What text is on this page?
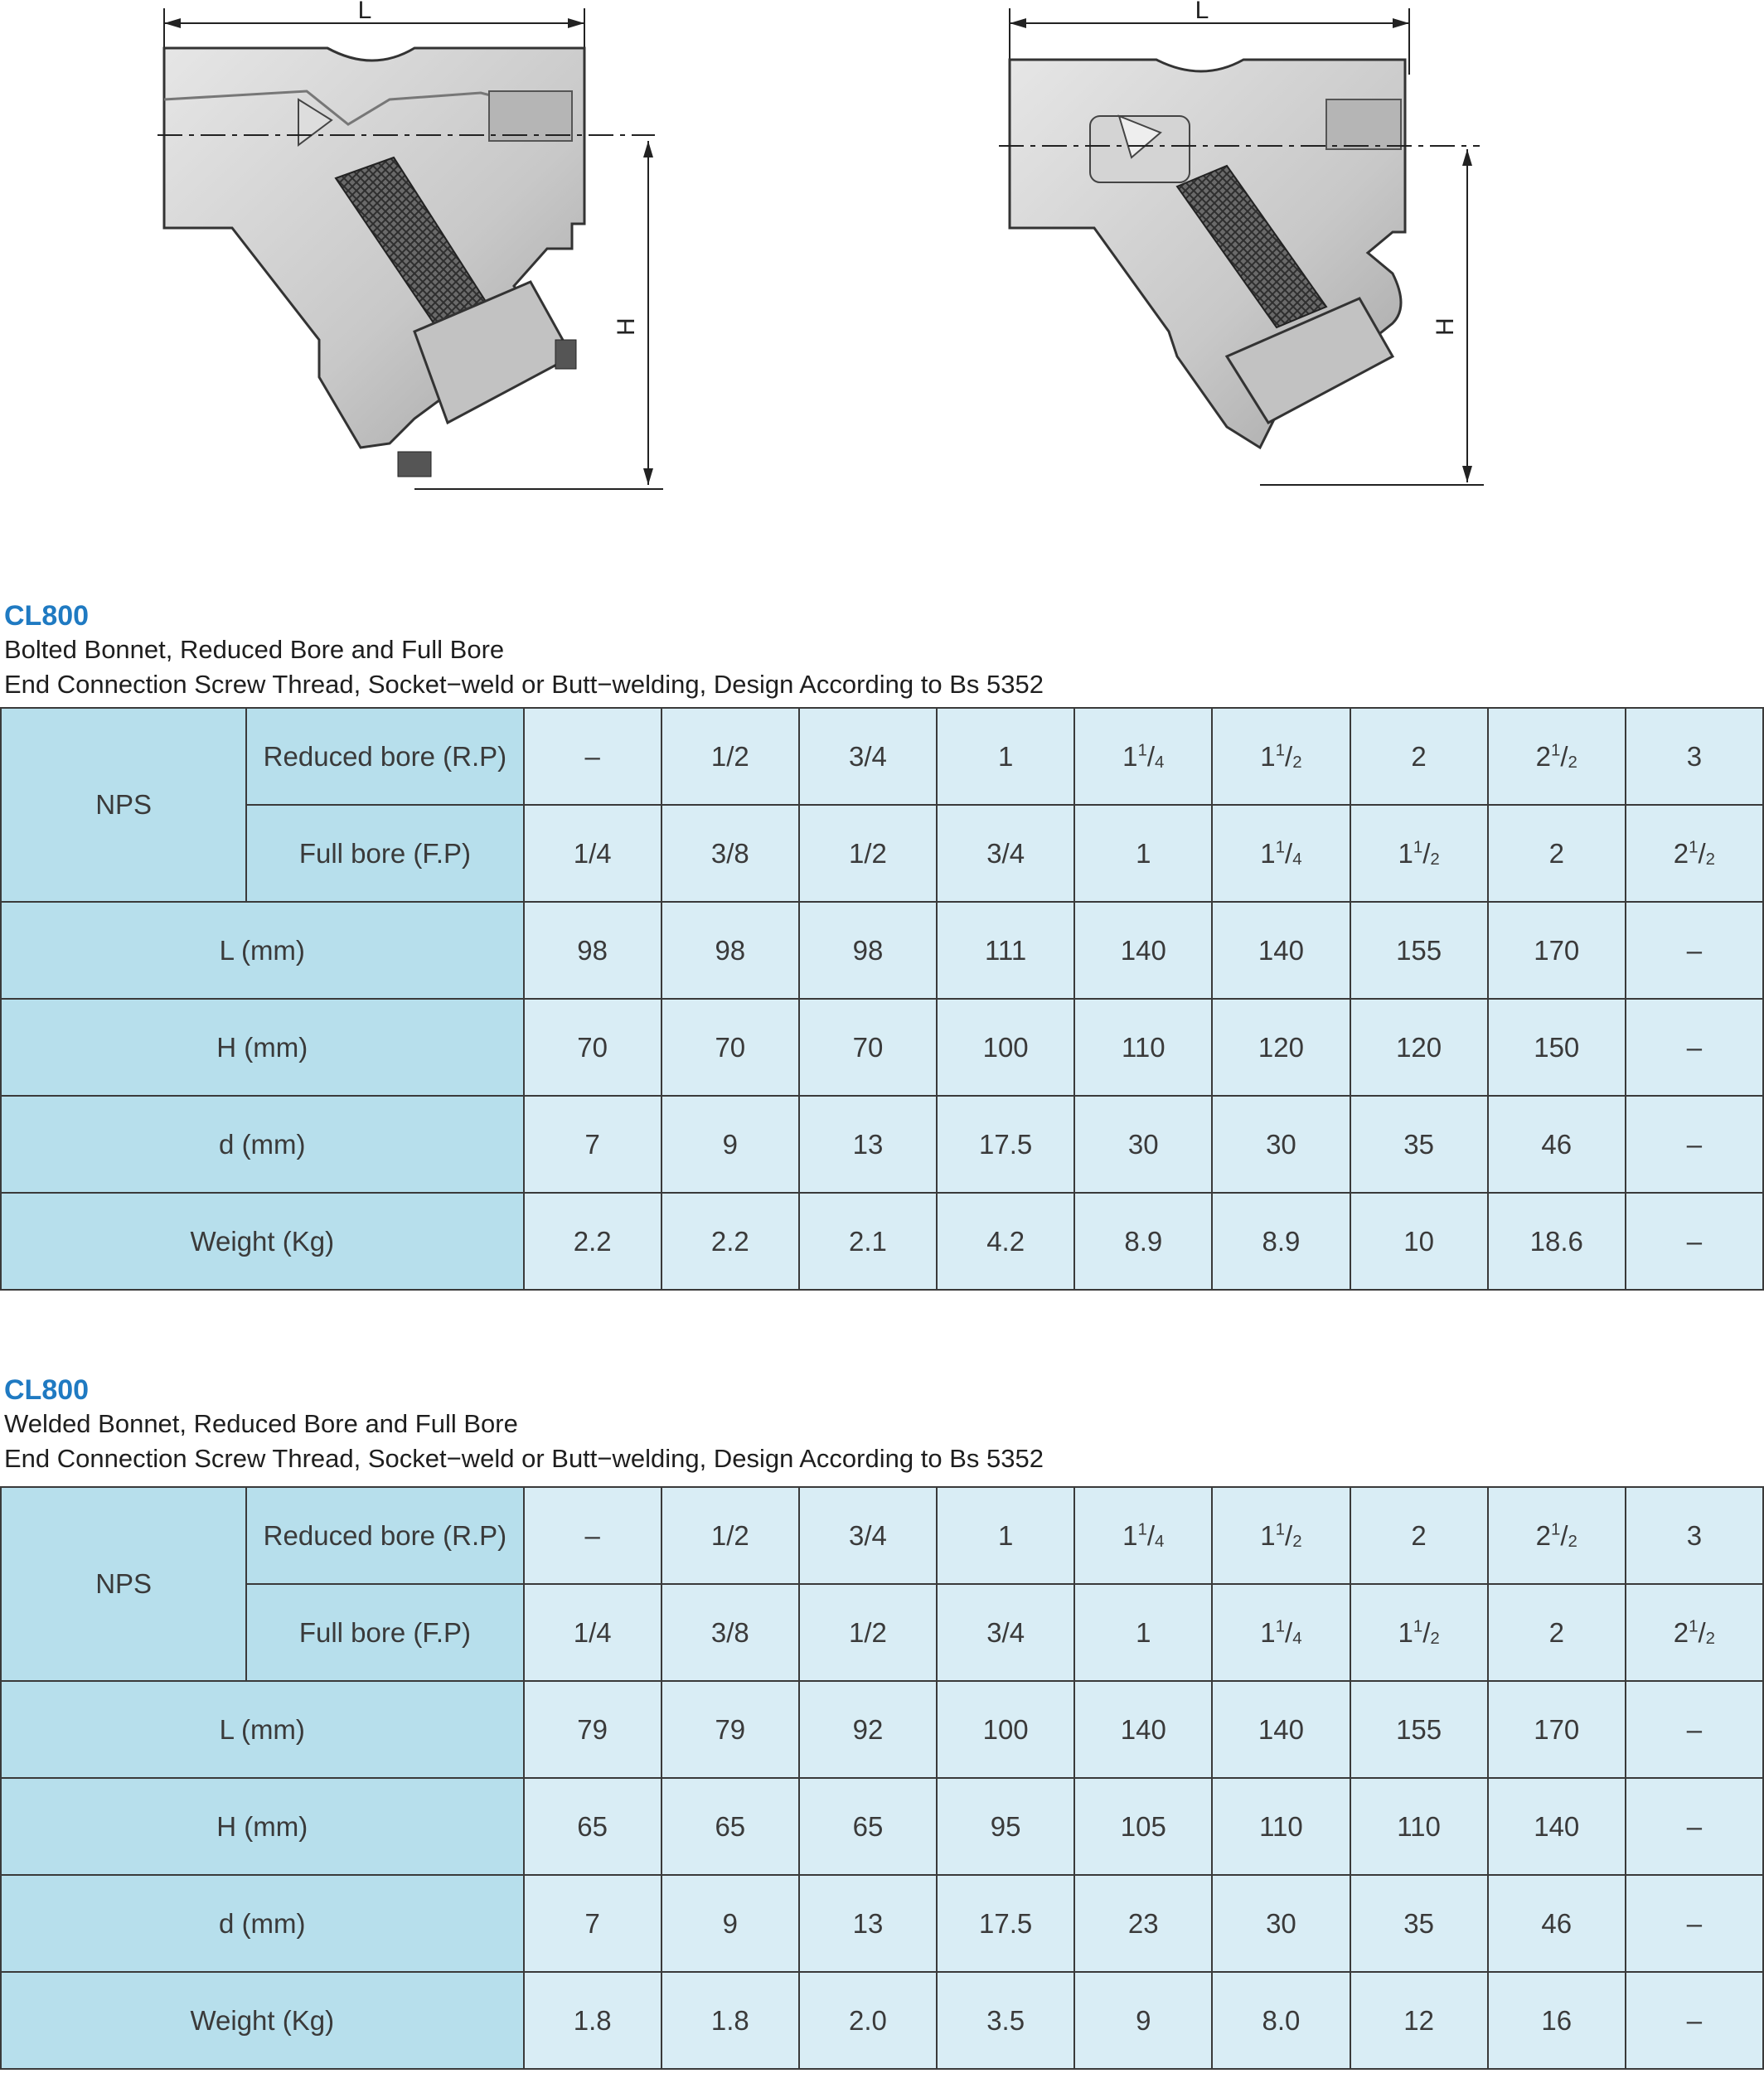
L
H
L
H
CL800
Bolted Bonnet, Reduced Bore and Full Bore
End Connection Screw Thread, Socket−weld or Butt−welding, Design According to Bs 5352
NPS	Reduced bore (R.P)	–	1/2	3/4	1	$1^1/_4$	$1^1/_2$	2	$2^1/_2$	3
	Full bore (F.P)	1/4	3/8	1/2	3/4	1	$1^1/_4$	$1^1/_2$	2	$2^1/_2$
L (mm)		98	98	98	111	140	140	155	170	–
H (mm)		70	70	70	100	110	120	120	150	–
d (mm)		7	9	13	17.5	30	30	35	46	–
Weight (Kg)		2.2	2.2	2.1	4.2	8.9	8.9	10	18.6	–
CL800
Welded Bonnet, Reduced Bore and Full Bore
End Connection Screw Thread, Socket−weld or Butt−welding, Design According to Bs 5352
NPS	Reduced bore (R.P)	–	1/2	3/4	1	$1^1/_4$	$1^1/_2$	2	$2^1/_2$	3
	Full bore (F.P)	1/4	3/8	1/2	3/4	1	$1^1/_4$	$1^1/_2$	2	$2^1/_2$
L (mm)		79	79	92	100	140	140	155	170	–
H (mm)		65	65	65	95	105	110	110	140	–
d (mm)		7	9	13	17.5	23	30	35	46	–
Weight (Kg)		1.8	1.8	2.0	3.5	9	8.0	12	16	–
